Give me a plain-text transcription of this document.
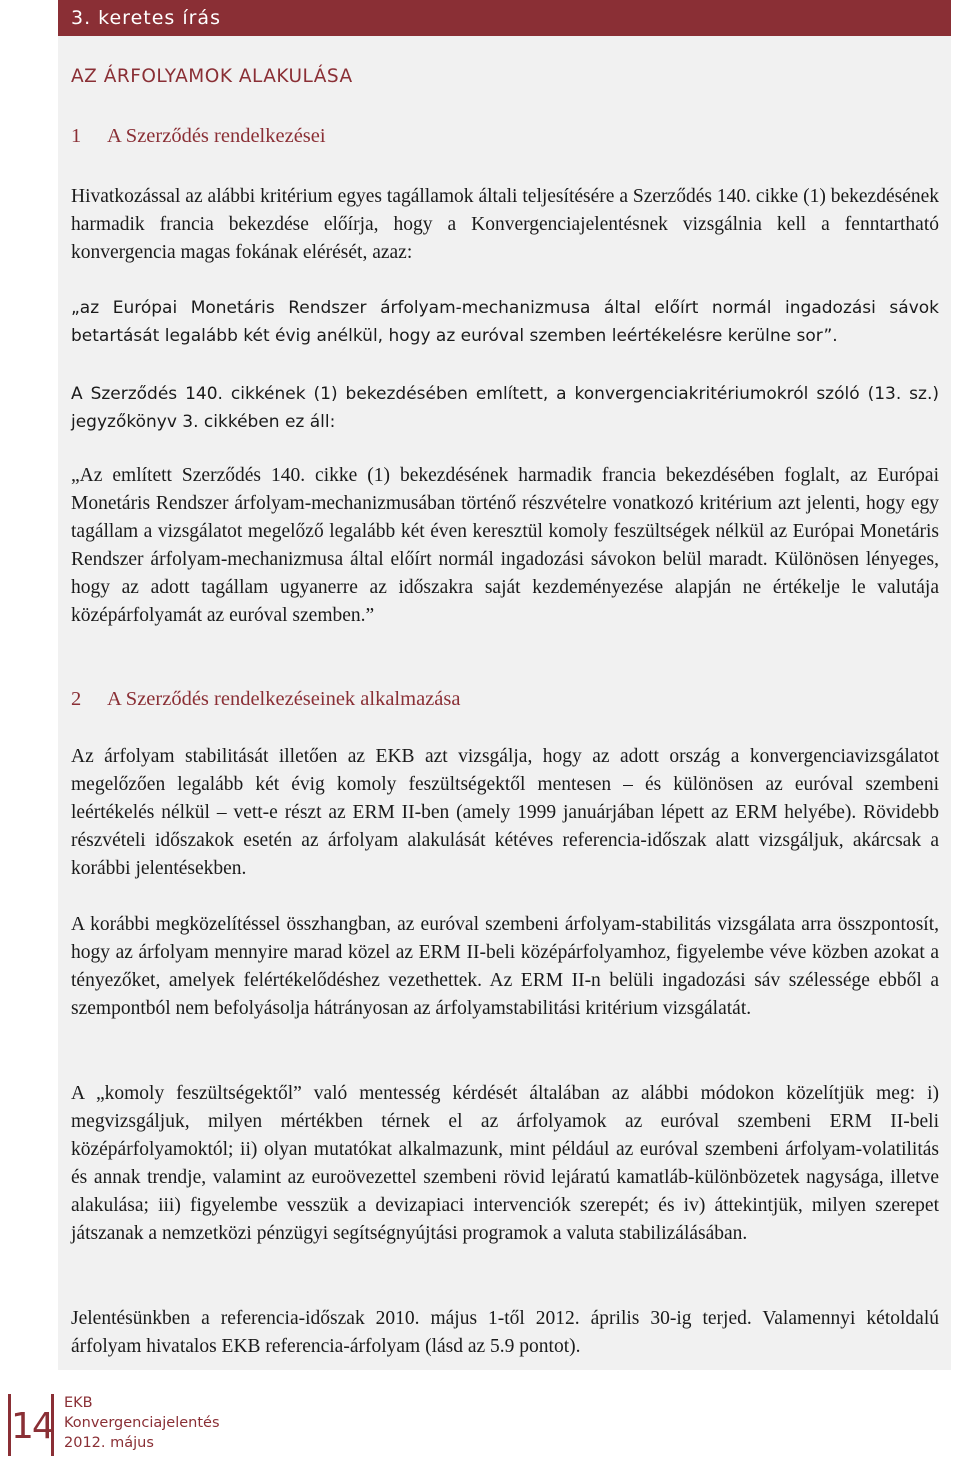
3. keretes írás
AZ ÁRFOLYAMOK ALAKULÁSA
1 A Szerződés rendelkezései

Hivatkozással az alábbi kritérium egyes tagállamok általi teljesítésére a Szerződés 140. cikke (1) bekezdésének harmadik francia bekezdése előírja, hogy a Konvergenciajelentésnek vizsgálnia kell a fenntartható konvergencia magas fokának elérését, azaz:

„az Európai Monetáris Rendszer árfolyam-mechanizmusa által előírt normál ingadozási sávok betartását legalább két évig anélkül, hogy az euróval szemben leértékelésre kerülne sor”.

A Szerződés 140. cikkének (1) bekezdésében említett, a konvergenciakritériumokról szóló (13. sz.) jegyzőkönyv 3. cikkében ez áll:

„Az említett Szerződés 140. cikke (1) bekezdésének harmadik francia bekezdésében foglalt, az Európai Monetáris Rendszer árfolyam-mechanizmusában történő részvételre vonatkozó kritérium azt jelenti, hogy egy tagállam a vizsgálatot megelőző legalább két éven keresztül komoly feszültségek nélkül az Európai Monetáris Rendszer árfolyam-mechanizmusa által előírt normál ingadozási sávokon belül maradt. Különösen lényeges, hogy az adott tagállam ugyanerre az időszakra saját kezdeményezése alapján ne értékelje le valutája középárfolyamát az euróval szemben.”

2 A Szerződés rendelkezéseinek alkalmazása

Az árfolyam stabilitását illetően az EKB azt vizsgálja, hogy az adott ország a konvergenciavizsgálatot megelőzően legalább két évig komoly feszültségektől mentesen – és különösen az euróval szembeni leértékelés nélkül – vett-e részt az ERM II-ben (amely 1999 januárjában lépett az ERM helyébe). Rövidebb részvételi időszakok esetén az árfolyam alakulását kétéves referencia-időszak alatt vizsgáljuk, akárcsak a korábbi jelentésekben.

A korábbi megközelítéssel összhangban, az euróval szembeni árfolyam-stabilitás vizsgálata arra összpontosít, hogy az árfolyam mennyire marad közel az ERM II-beli középárfolyamhoz, figyelembe véve közben azokat a tényezőket, amelyek felértékelődéshez vezethettek. Az ERM II-n belüli ingadozási sáv szélessége ebből a szempontból nem befolyásolja hátrányosan az árfolyamstabilitási kritérium vizsgálatát.

A „komoly feszültségektől” való mentesség kérdését általában az alábbi módokon közelítjük meg: i) megvizsgáljuk, milyen mértékben térnek el az árfolyamok az euróval szembeni ERM II-beli középárfolyamoktól; ii) olyan mutatókat alkalmazunk, mint például az euróval szembeni árfolyam-volatilitás és annak trendje, valamint az euroövezettel szembeni rövid lejáratú kamatláb-különbözetek nagysága, illetve alakulása; iii) figyelembe vesszük a devizapiaci intervenciók szerepét; és iv) áttekintjük, milyen szerepet játszanak a nemzetközi pénzügyi segítségnyújtási programok a valuta stabilizálásában.

Jelentésünkben a referencia-időszak 2010. május 1-től 2012. április 30-ig terjed. Valamennyi kétoldalú árfolyam hivatalos EKB referencia-árfolyam (lásd az 5.9 pontot).

14
EKB
Konvergenciajelentés
2012. május
